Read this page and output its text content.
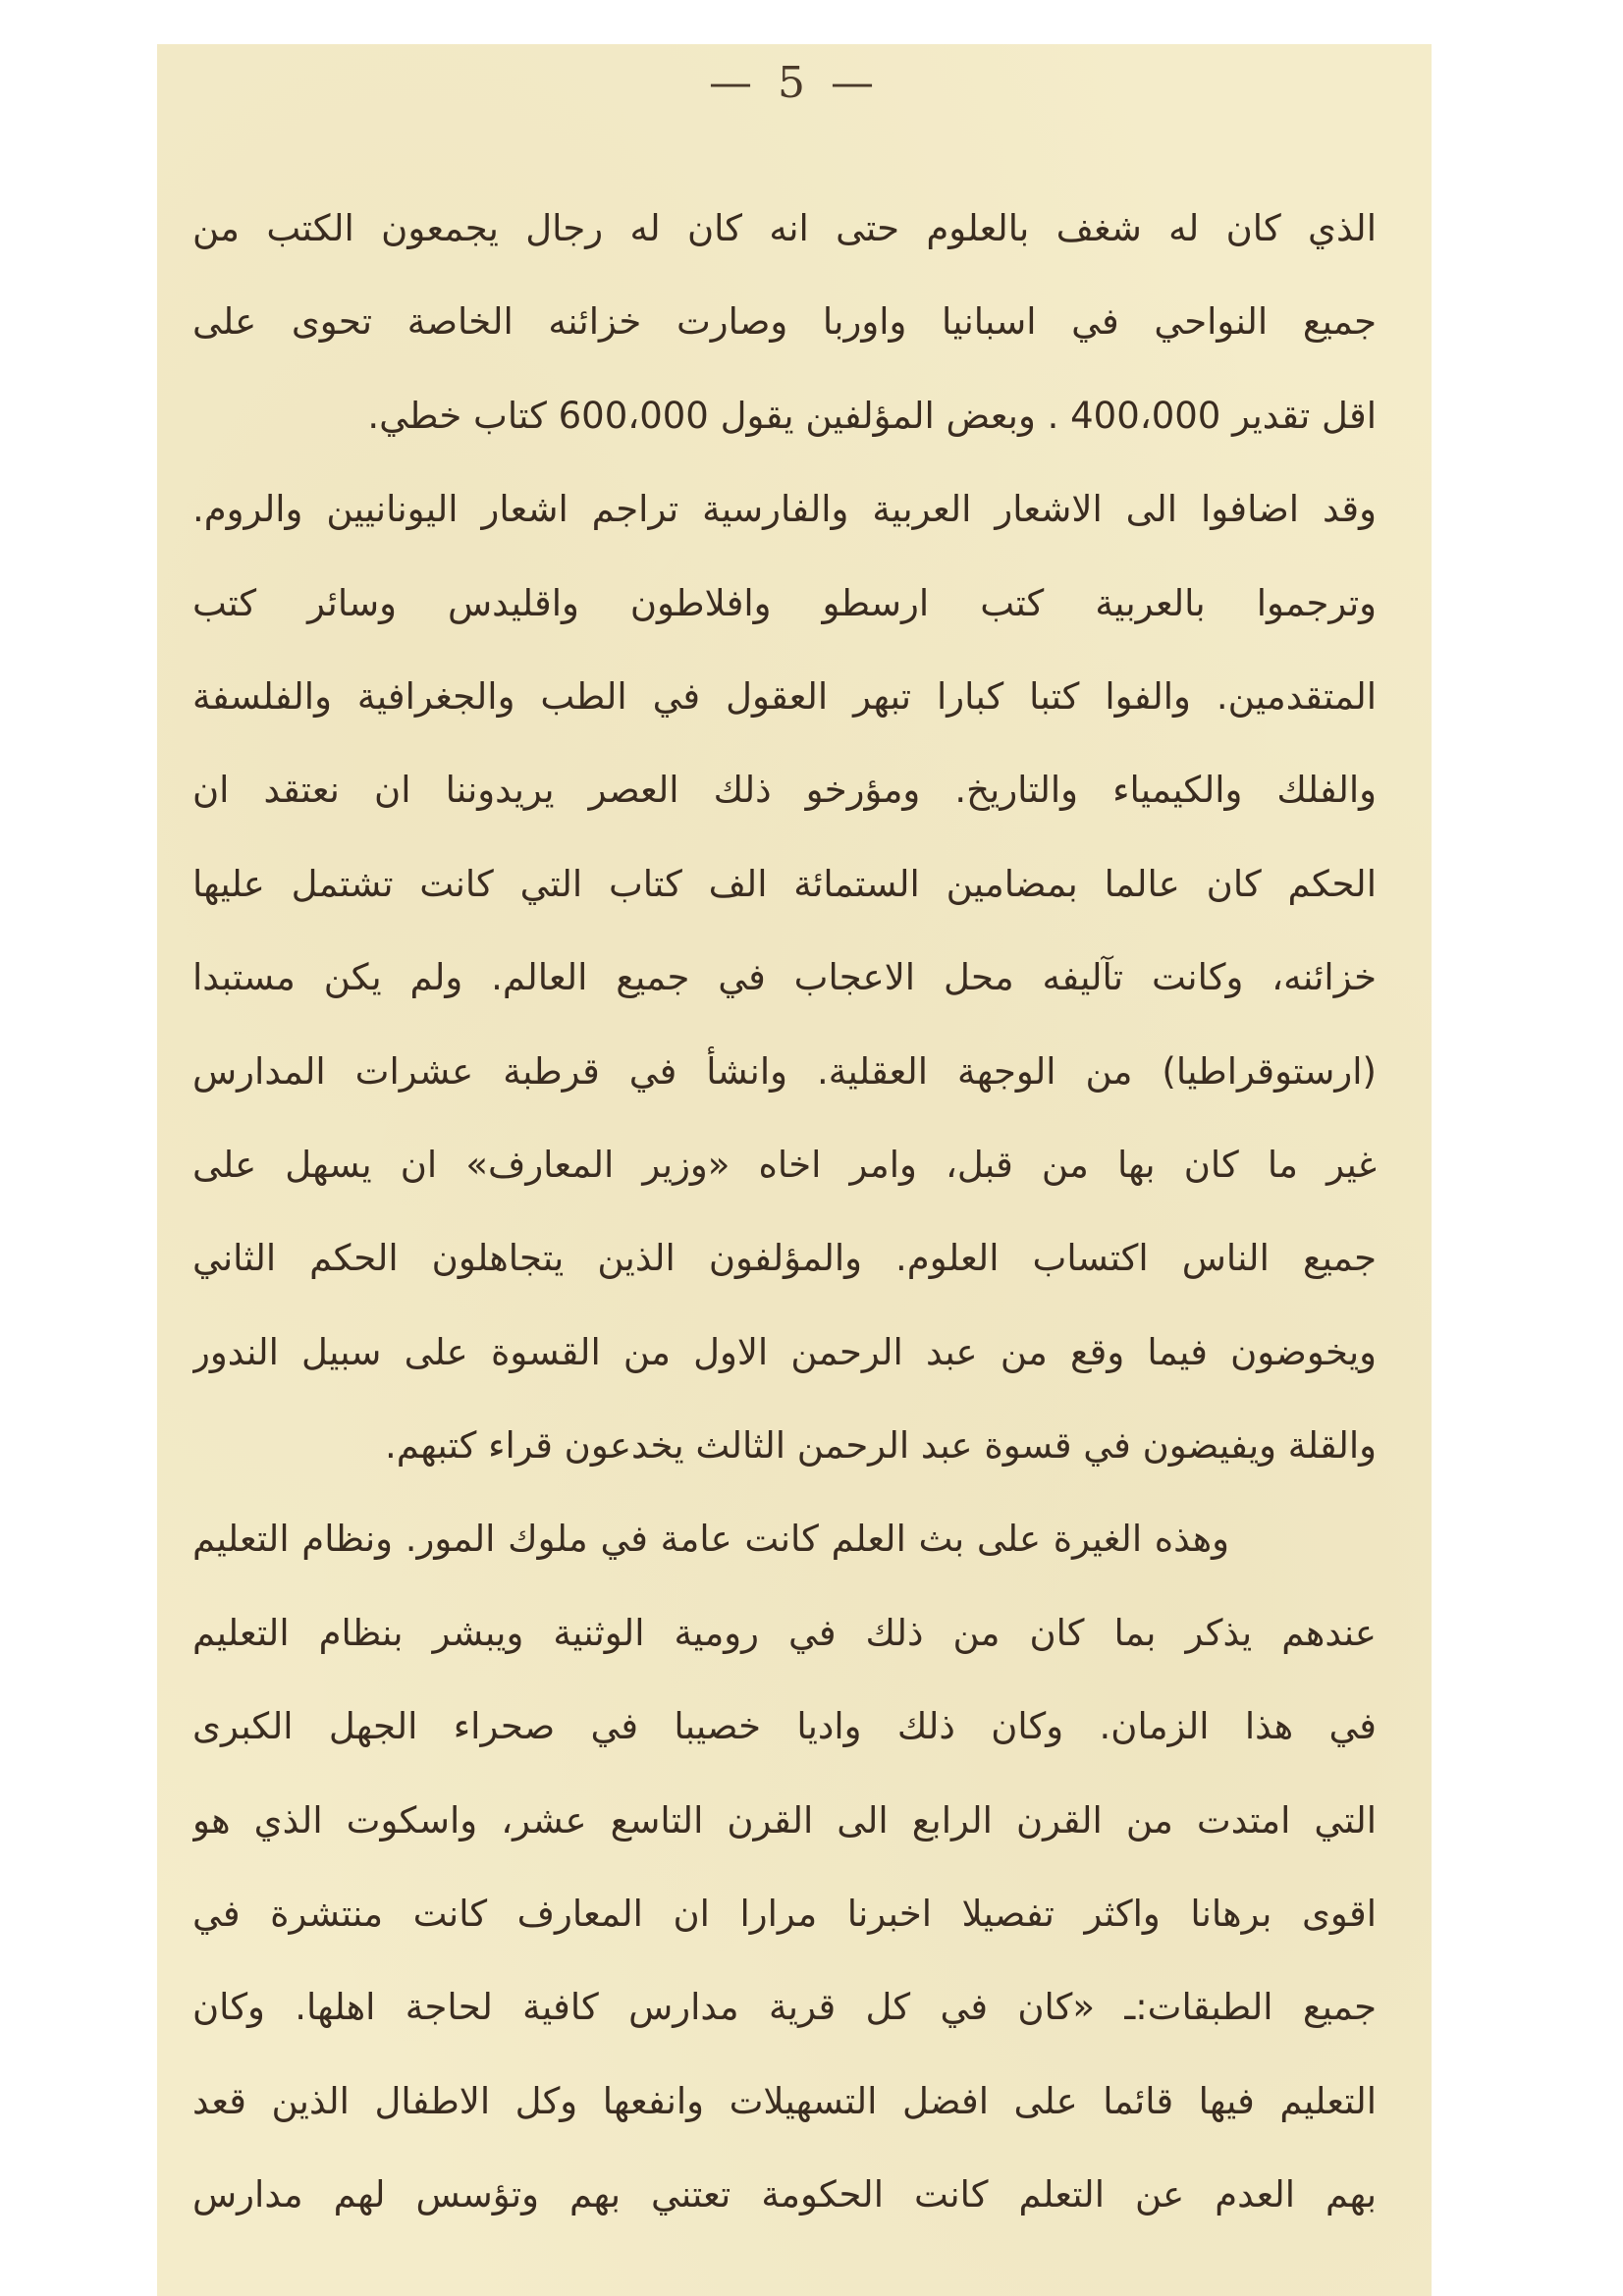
— 5 —
الذي كان له شغف بالعلوم حتى انه كان له رجال يجمعون الكتب من
جميع النواحي في اسبانيا واوربا وصارت خزائنه الخاصة تحوى على
اقل تقدير 400،000 . وبعض المؤلفين يقول 600،000 كتاب خطي.
وقد اضافوا الى الاشعار العربية والفارسية تراجم اشعار اليونانيين والروم.
وترجموا بالعربية كتب ارسطو وافلاطون واقليدس وسائر كتب
المتقدمين. والفوا كتبا كبارا تبهر العقول في الطب والجغرافية والفلسفة
والفلك والكيمياء والتاريخ. ومؤرخو ذلك العصر يريدوننا ان نعتقد ان
الحكم كان عالما بمضامين الستمائة الف كتاب التي كانت تشتمل عليها
خزائنه، وكانت تآليفه محل الاعجاب في جميع العالم. ولم يكن مستبدا
(ارستوقراطيا) من الوجهة العقلية. وانشأ في قرطبة عشرات المدارس
غير ما كان بها من قبل، وامر اخاه «وزير المعارف» ان يسهل على
جميع الناس اكتساب العلوم. والمؤلفون الذين يتجاهلون الحكم الثاني
ويخوضون فيما وقع من عبد الرحمن الاول من القسوة على سبيل الندور
والقلة ويفيضون في قسوة عبد الرحمن الثالث يخدعون قراء كتبهم.
وهذه الغيرة على بث العلم كانت عامة في ملوك المور. ونظام التعليم
عندهم يذكر بما كان من ذلك في رومية الوثنية ويبشر بنظام التعليم
في هذا الزمان. وكان ذلك واديا خصيبا في صحراء الجهل الكبرى
التي امتدت من القرن الرابع الى القرن التاسع عشر، واسكوت الذي هو
اقوى برهانا واكثر تفصيلا اخبرنا مرارا ان المعارف كانت منتشرة في
جميع الطبقات:ـ «كان في كل قرية مدارس كافية لحاجة اهلها. وكان
التعليم فيها قائما على افضل التسهيلات وانفعها وكل الاطفال الذين قعد
بهم العدم عن التعلم كانت الحكومة تعتني بهم وتؤسس لهم مدارس
